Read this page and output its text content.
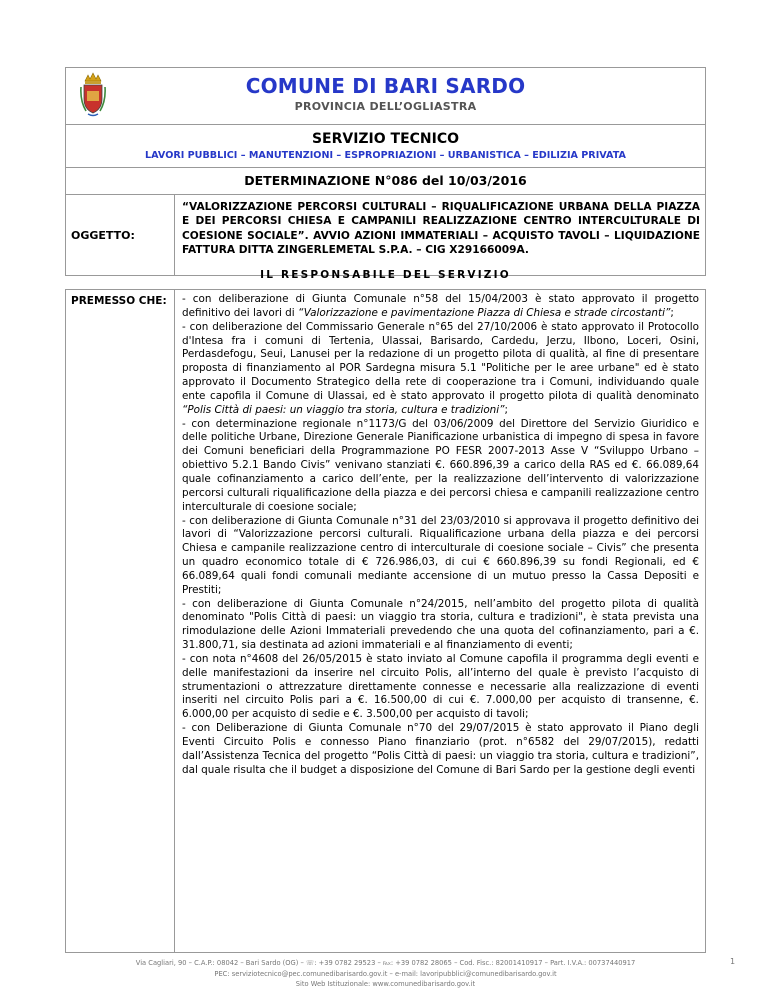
COMUNE DI BARI SARDO
PROVINCIA DELL’OGLIASTRA
SERVIZIO TECNICO
LAVORI PUBBLICI – MANUTENZIONI – ESPROPRIAZIONI – URBANISTICA – EDILIZIA PRIVATA
DETERMINAZIONE N°086 del 10/03/2016
OGGETTO:
“VALORIZZAZIONE PERCORSI CULTURALI – RIQUALIFICAZIONE URBANA DELLA PIAZZA E DEI PERCORSI CHIESA E CAMPANILI REALIZZAZIONE CENTRO INTERCULTURALE DI COESIONE SOCIALE”. AVVIO AZIONI IMMATERIALI – ACQUISTO TAVOLI – LIQUIDAZIONE FATTURA DITTA ZINGERLEMETAL S.P.A. – CIG X29166009A.
IL RESPONSABILE DEL SERVIZIO
PREMESSO CHE:	- con deliberazione di Giunta Comunale n°58 del 15/04/2003 è stato approvato il progetto definitivo dei lavori di “Valorizzazione e pavimentazione Piazza di Chiesa e strade circostanti”;

- con deliberazione del Commissario Generale n°65 del 27/10/2006 è stato approvato il Protocollo d'Intesa fra i comuni di Tertenia, Ulassai, Barisardo, Cardedu, Jerzu, Ilbono, Loceri, Osini, Perdasdefogu, Seui, Lanusei per la redazione di un progetto pilota di qualità, al fine di presentare proposta di finanziamento al POR Sardegna misura 5.1 "Politiche per le aree urbane" ed è stato approvato il Documento Strategico della rete di cooperazione tra i Comuni, individuando quale ente capofila il Comune di Ulassai, ed è stato approvato il progetto pilota di qualità denominato “Polis Città di paesi: un viaggio tra storia, cultura e tradizioni”;

- con determinazione regionale n°1173/G del 03/06/2009 del Direttore del Servizio Giuridico e delle politiche Urbane, Direzione Generale Pianificazione urbanistica di impegno di spesa in favore dei Comuni beneficiari della Programmazione PO FESR 2007-2013 Asse V “Sviluppo Urbano – obiettivo 5.2.1 Bando Civis” venivano stanziati €. 660.896,39 a carico della RAS ed €. 66.089,64 quale cofinanziamento a carico dell’ente, per la realizzazione dell’intervento di valorizzazione percorsi culturali riqualificazione della piazza e dei percorsi chiesa e campanili realizzazione centro interculturale di coesione sociale;

- con deliberazione di Giunta Comunale n°31 del 23/03/2010 si approvava il progetto definitivo dei lavori di “Valorizzazione percorsi culturali. Riqualificazione urbana della piazza e dei percorsi Chiesa e campanile realizzazione centro di interculturale di coesione sociale – Civis” che presenta un quadro economico totale di € 726.986,03, di cui € 660.896,39 su fondi Regionali, ed € 66.089,64 quali fondi comunali mediante accensione di un mutuo presso la Cassa Depositi e Prestiti;

- con deliberazione di Giunta Comunale n°24/2015, nell’ambito del progetto pilota di qualità denominato "Polis Città di paesi: un viaggio tra storia, cultura e tradizioni", è stata prevista una rimodulazione delle Azioni Immateriali prevedendo che una quota del cofinanziamento, pari a €. 31.800,71, sia destinata ad azioni immateriali e al finanziamento di eventi;

- con nota n°4608 del 26/05/2015 è stato inviato al Comune capofila il programma degli eventi e delle manifestazioni da inserire nel circuito Polis, all’interno del quale è previsto l’acquisto di strumentazioni o attrezzature direttamente connesse e necessarie alla realizzazione di eventi inseriti nel circuito Polis pari a €. 16.500,00 di cui €. 7.000,00 per acquisto di transenne, €. 6.000,00 per acquisto di sedie e €. 3.500,00 per acquisto di tavoli;

- con Deliberazione di Giunta Comunale n°70 del 29/07/2015 è stato approvato il Piano degli Eventi Circuito Polis e connesso Piano finanziario (prot. n°6582 del 29/07/2015), redatti dall’Assistenza Tecnica del progetto “Polis Città di paesi: un viaggio tra storia, cultura e tradizioni”, dal quale risulta che il budget a disposizione del Comune di Bari Sardo per la gestione degli eventi

Via Cagliari, 90 – C.A.P.: 08042 – Bari Sardo (OG) – ☏: +39 0782 29523 – ℻: +39 0782 28065 – Cod. Fisc.: 82001410917 – Part. I.V.A.: 00737440917
PEC: serviziotecnico@pec.comunedibarisardo.gov.it – e-mail: lavoripubblici@comunedibarisardo.gov.it
Sito Web Istituzionale: www.comunedibarisardo.gov.it
1
